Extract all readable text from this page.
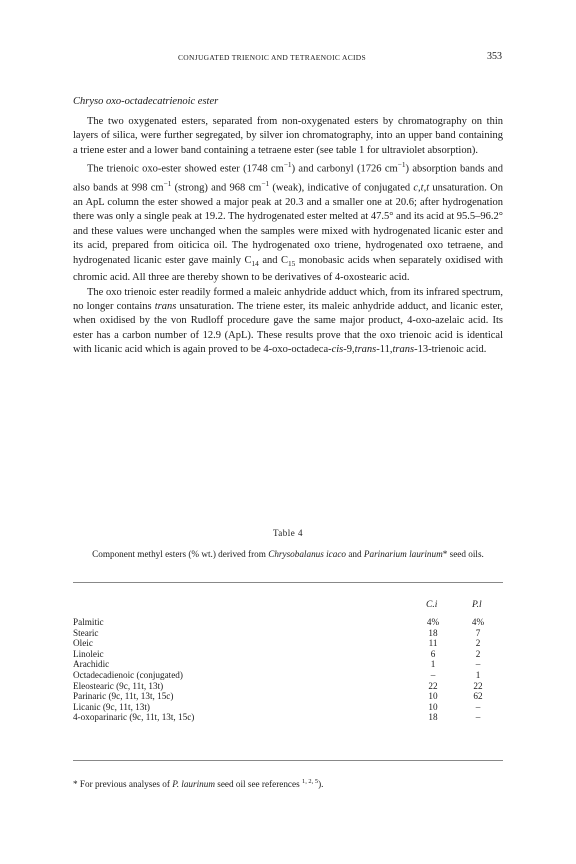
CONJUGATED TRIENOIC AND TETRAENOIC ACIDS	353
Chryso oxo-octadecatrienoic ester

The two oxygenated esters, separated from non-oxygenated esters by chromatography on thin layers of silica, were further segregated, by silver ion chromatography, into an upper band containing a triene ester and a lower band containing a tetraene ester (see table 1 for ultraviolet absorption).

The trienoic oxo-ester showed ester (1748 $cm^{-1}$) and carbonyl (1726 $cm^{-1}$) absorption bands and also bands at 998 $cm^{-1}$ (strong) and 968 $cm^{-1}$ (weak), indicative of conjugated c,t,t unsaturation. On an ApL column the ester showed a major peak at 20.3 and a smaller one at 20.6; after hydrogenation there was only a single peak at 19.2. The hydrogenated ester melted at 47.5° and its acid at 95.5–96.2° and these values were unchanged when the samples were mixed with hydrogenated licanic ester and its acid, prepared from oiticica oil. The hydrogenated oxo triene, hydrogenated oxo tetraene, and hydrogenated licanic ester gave mainly $C_{14}$ and $C_{15}$ monobasic acids when separately oxidised with chromic acid. All three are thereby shown to be derivatives of 4-oxostearic acid.

The oxo trienoic ester readily formed a maleic anhydride adduct which, from its infrared spectrum, no longer contains trans unsaturation. The triene ester, its maleic anhydride adduct, and licanic ester, when oxidised by the von Rudloff procedure gave the same major product, 4-oxo-azelaic acid. Its ester has a carbon number of 12.9 (ApL). These results prove that the oxo trienoic acid is identical with licanic acid which is again proved to be 4-oxo-octadeca-cis-9,trans-11,trans-13-trienoic acid.

Table 4
Component methyl esters (% wt.) derived from Chrysobalanus icaco and Parinarium laurinum* seed oils.
C.i	P.l
Palmitic	4%	4%
Stearic	18	7
Oleic	11	2
Linoleic	6	2
Arachidic	1	–
Octadecadienoic (conjugated)	–	1
Eleostearic (9c, 11t, 13t)	22	22
Parinaric (9c, 11t, 13t, 15c)	10	62
Licanic (9c, 11t, 13t)	10	–
4-oxoparinaric (9c, 11t, 13t, 15c)	18	–
* For previous analyses of P. laurinum seed oil see references $^{1, 2, 5}$).
